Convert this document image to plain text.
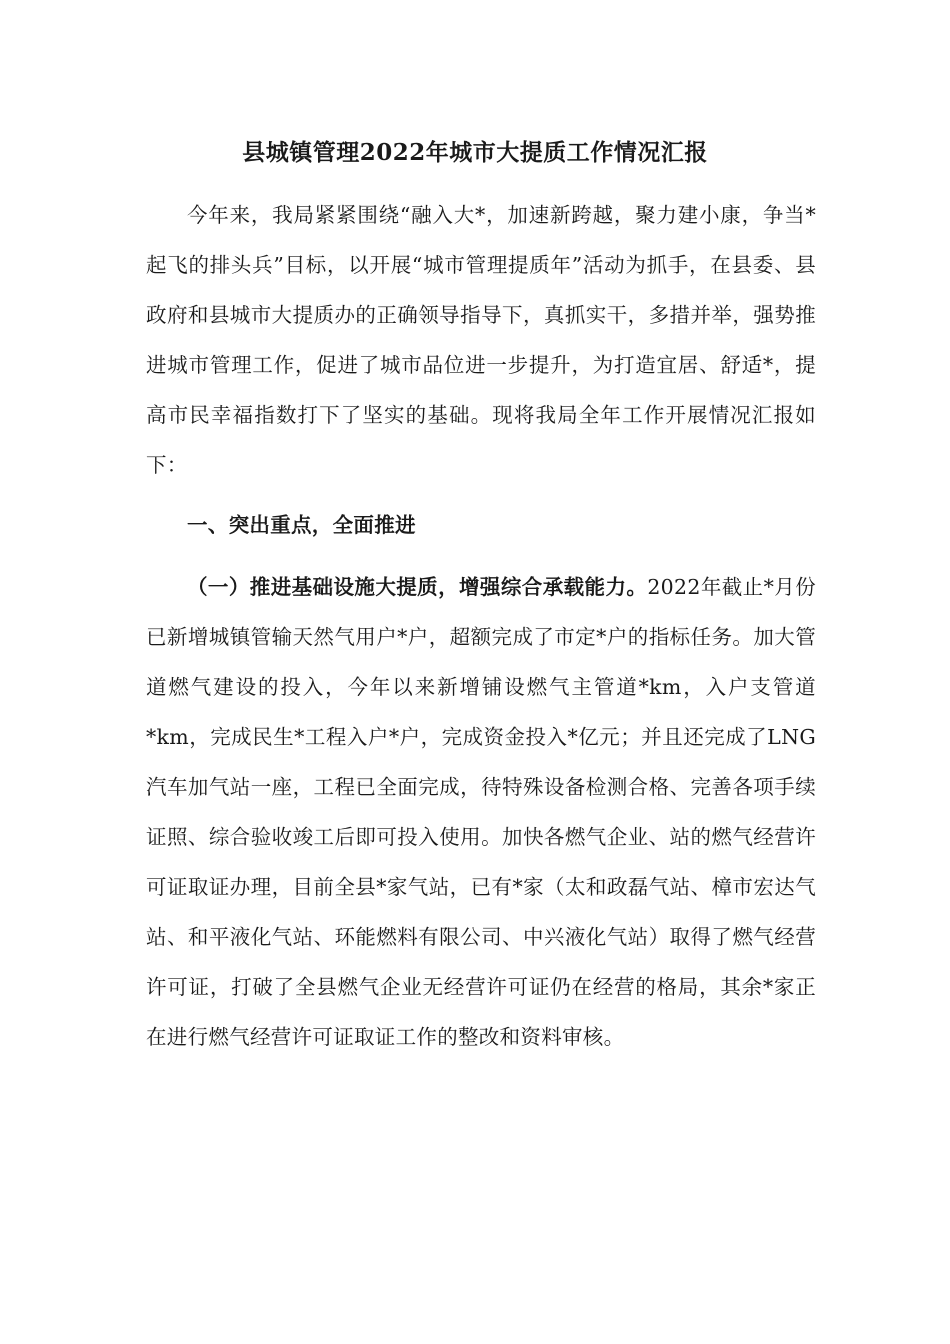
县城镇管理2022年城市大提质工作情况汇报

今年来，我局紧紧围绕“融入大*，加速新跨越，聚力建小康，争当*起飞的排头兵”目标，以开展“城市管理提质年”活动为抓手，在县委、县政府和县城市大提质办的正确领导指导下，真抓实干，多措并举，强势推进城市管理工作，促进了城市品位进一步提升，为打造宜居、舒适*，提高市民幸福指数打下了坚实的基础。现将我局全年工作开展情况汇报如下：

一、突出重点，全面推进

（一）推进基础设施大提质，增强综合承载能力。2022年截止*月份已新增城镇管输天然气用户*户，超额完成了市定*户的指标任务。加大管道燃气建设的投入，今年以来新增铺设燃气主管道*km，入户支管道*km，完成民生*工程入户*户，完成资金投入*亿元；并且还完成了LNG汽车加气站一座，工程已全面完成，待特殊设备检测合格、完善各项手续证照、综合验收竣工后即可投入使用。加快各燃气企业、站的燃气经营许可证取证办理，目前全县*家气站，已有*家（太和政磊气站、樟市宏达气站、和平液化气站、环能燃料有限公司、中兴液化气站）取得了燃气经营许可证，打破了全县燃气企业无经营许可证仍在经营的格局，其余*家正在进行燃气经营许可证取证工作的整改和资料审核。
